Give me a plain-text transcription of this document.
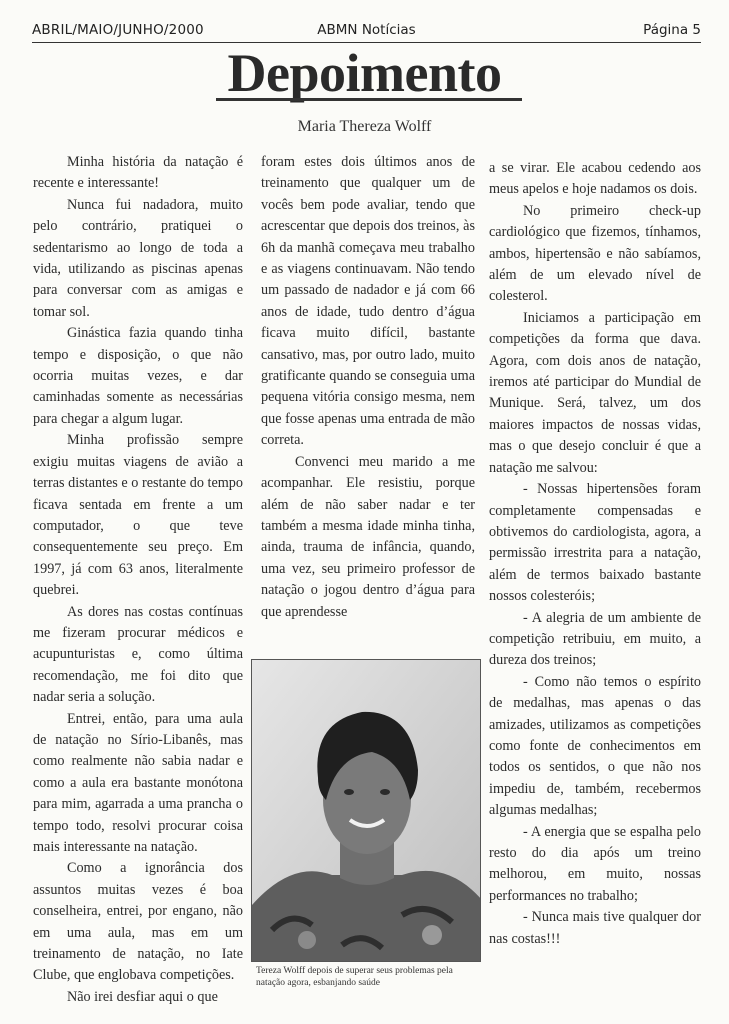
ABRIL/MAIO/JUNHO/2000	ABMN Notícias	Página 5
Depoimento
Maria Thereza Wolff

Minha história da natação é recente e interessante!

Nunca fui nadadora, muito pelo contrário, pratiquei o sedentarismo ao longo de toda a vida, utilizando as piscinas apenas para conversar com as amigas e tomar sol.

Ginástica fazia quando tinha tempo e disposição, o que não ocorria muitas vezes, e dar caminhadas somente as necessárias para chegar a algum lugar.

Minha profissão sempre exigiu muitas viagens de avião a terras distantes e o restante do tempo ficava sentada em frente a um computador, o que teve consequentemente seu preço. Em 1997, já com 63 anos, literalmente quebrei.

As dores nas costas contínuas me fizeram procurar médicos e acupunturistas e, como última recomendação, me foi dito que nadar seria a solução.

Entrei, então, para uma aula de natação no Sírio-Libanês, mas como realmente não sabia nadar e como a aula era bastante monótona para mim, agarrada a uma prancha o tempo todo, resolvi procurar coisa mais interessante na natação.

Como a ignorância dos assuntos muitas vezes é boa conselheira, entrei, por engano, não em uma aula, mas em um treinamento de natação, no Iate Clube, que englobava competições.

Não irei desfiar aqui o que

foram estes dois últimos anos de treinamento que qualquer um de vocês bem pode avaliar, tendo que acrescentar que depois dos treinos, às 6h da manhã começava meu trabalho e as viagens continuavam. Não tendo um passado de nadador e já com 66 anos de idade, tudo dentro d’água ficava muito difícil, bastante cansativo, mas, por outro lado, muito gratificante quando se conseguia uma pequena vitória consigo mesma, nem que fosse apenas uma entrada de mão correta.

Convenci meu marido a me acompanhar. Ele resistiu, porque além de não saber nadar e ter também a mesma idade minha tinha, ainda, trauma de infância, quando, uma vez, seu primeiro professor de natação o jogou dentro d’água para que aprendesse

Tereza Wolff depois de superar seus problemas pela natação agora, esbanjando saúde

a se virar. Ele acabou cedendo aos meus apelos e hoje nadamos os dois.

No primeiro check-up cardiológico que fizemos, tínhamos, ambos, hipertensão e não sabíamos, além de um elevado nível de colesterol.

Iniciamos a participação em competições da forma que dava. Agora, com dois anos de natação, iremos até participar do Mundial de Munique. Será, talvez, um dos maiores impactos de nossas vidas, mas o que desejo concluir é que a natação me salvou:

- Nossas hipertensões foram completamente compensadas e obtivemos do cardiologista, agora, a permissão irrestrita para a natação, além de termos baixado bastante nossos colesteróis;

- A alegria de um ambiente de competição retribuiu, em muito, a dureza dos treinos;

- Como não temos o espírito de medalhas, mas apenas o das amizades, utilizamos as competições como fonte de conhecimentos em todos os sentidos, o que não nos impediu de, também, recebermos algumas medalhas;

- A energia que se espalha pelo resto do dia após um treino melhorou, em muito, nossas performances no trabalho;

- Nunca mais tive qualquer dor nas costas!!!
